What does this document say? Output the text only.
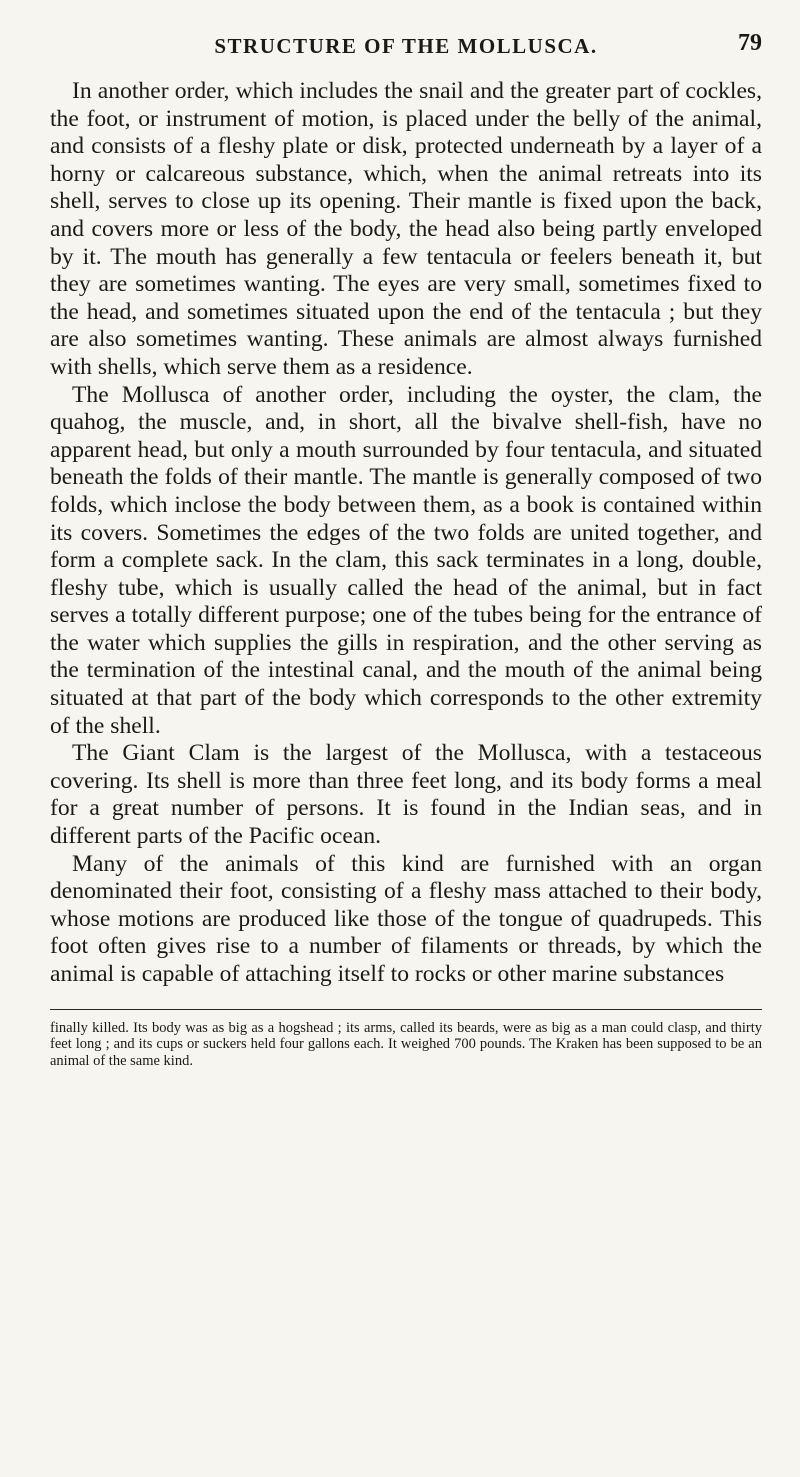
STRUCTURE OF THE MOLLUSCA.	79

In another order, which includes the snail and the greater part of cockles, the foot, or instrument of motion, is placed under the belly of the animal, and consists of a fleshy plate or disk, protected underneath by a layer of a horny or calcareous substance, which, when the animal retreats into its shell, serves to close up its opening. Their mantle is fixed upon the back, and covers more or less of the body, the head also being partly enveloped by it. The mouth has generally a few tentacula or feelers beneath it, but they are sometimes wanting. The eyes are very small, sometimes fixed to the head, and sometimes situated upon the end of the tentacula ; but they are also sometimes wanting. These animals are almost always furnished with shells, which serve them as a residence.

The Mollusca of another order, including the oyster, the clam, the quahog, the muscle, and, in short, all the bivalve shell-fish, have no apparent head, but only a mouth surrounded by four tentacula, and situated beneath the folds of their mantle. The mantle is generally composed of two folds, which inclose the body between them, as a book is contained within its covers. Sometimes the edges of the two folds are united together, and form a complete sack. In the clam, this sack terminates in a long, double, fleshy tube, which is usually called the head of the animal, but in fact serves a totally different purpose; one of the tubes being for the entrance of the water which supplies the gills in respiration, and the other serving as the termination of the intestinal canal, and the mouth of the animal being situated at that part of the body which corresponds to the other extremity of the shell.

The Giant Clam is the largest of the Mollusca, with a testaceous covering. Its shell is more than three feet long, and its body forms a meal for a great number of persons. It is found in the Indian seas, and in different parts of the Pacific ocean.

Many of the animals of this kind are furnished with an organ denominated their foot, consisting of a fleshy mass attached to their body, whose motions are produced like those of the tongue of quadrupeds. This foot often gives rise to a number of filaments or threads, by which the animal is capable of attaching itself to rocks or other marine substances

finally killed. Its body was as big as a hogshead ; its arms, called its beards, were as big as a man could clasp, and thirty feet long ; and its cups or suckers held four gallons each. It weighed 700 pounds. The Kraken has been supposed to be an animal of the same kind.
